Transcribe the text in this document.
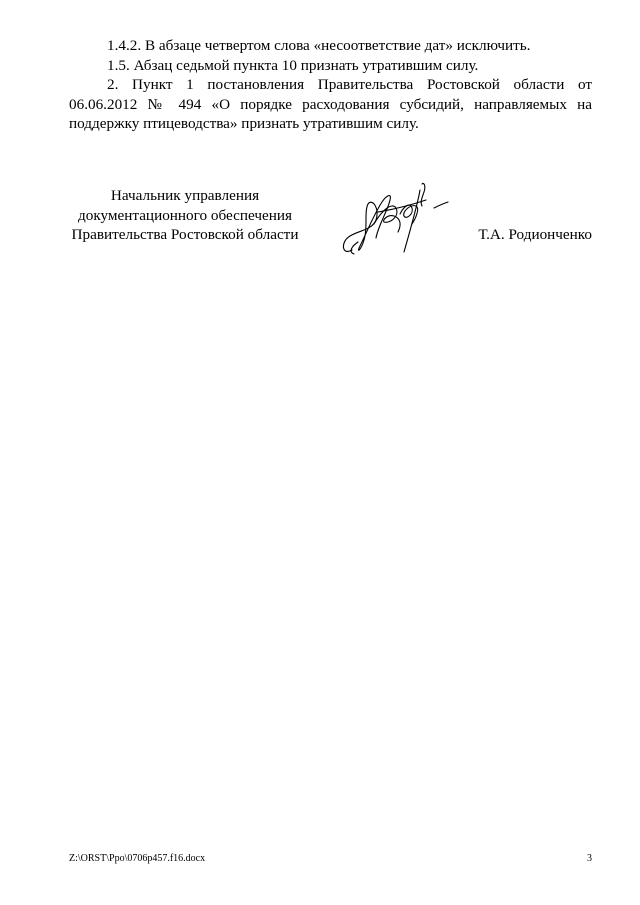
1.4.2. В абзаце четвертом слова «несоответствие дат» исключить.

1.5. Абзац седьмой пункта 10 признать утратившим силу.

2. Пункт 1 постановления Правительства Ростовской области от 06.06.2012 № 494 «О порядке расходования субсидий, направляемых на поддержку птицеводства» признать утратившим силу.

Начальник управления
документационного обеспечения
Правительства Ростовской области	Т.А. Родионченко
Z:\ORST\Ppo\0706p457.f16.docx	3
